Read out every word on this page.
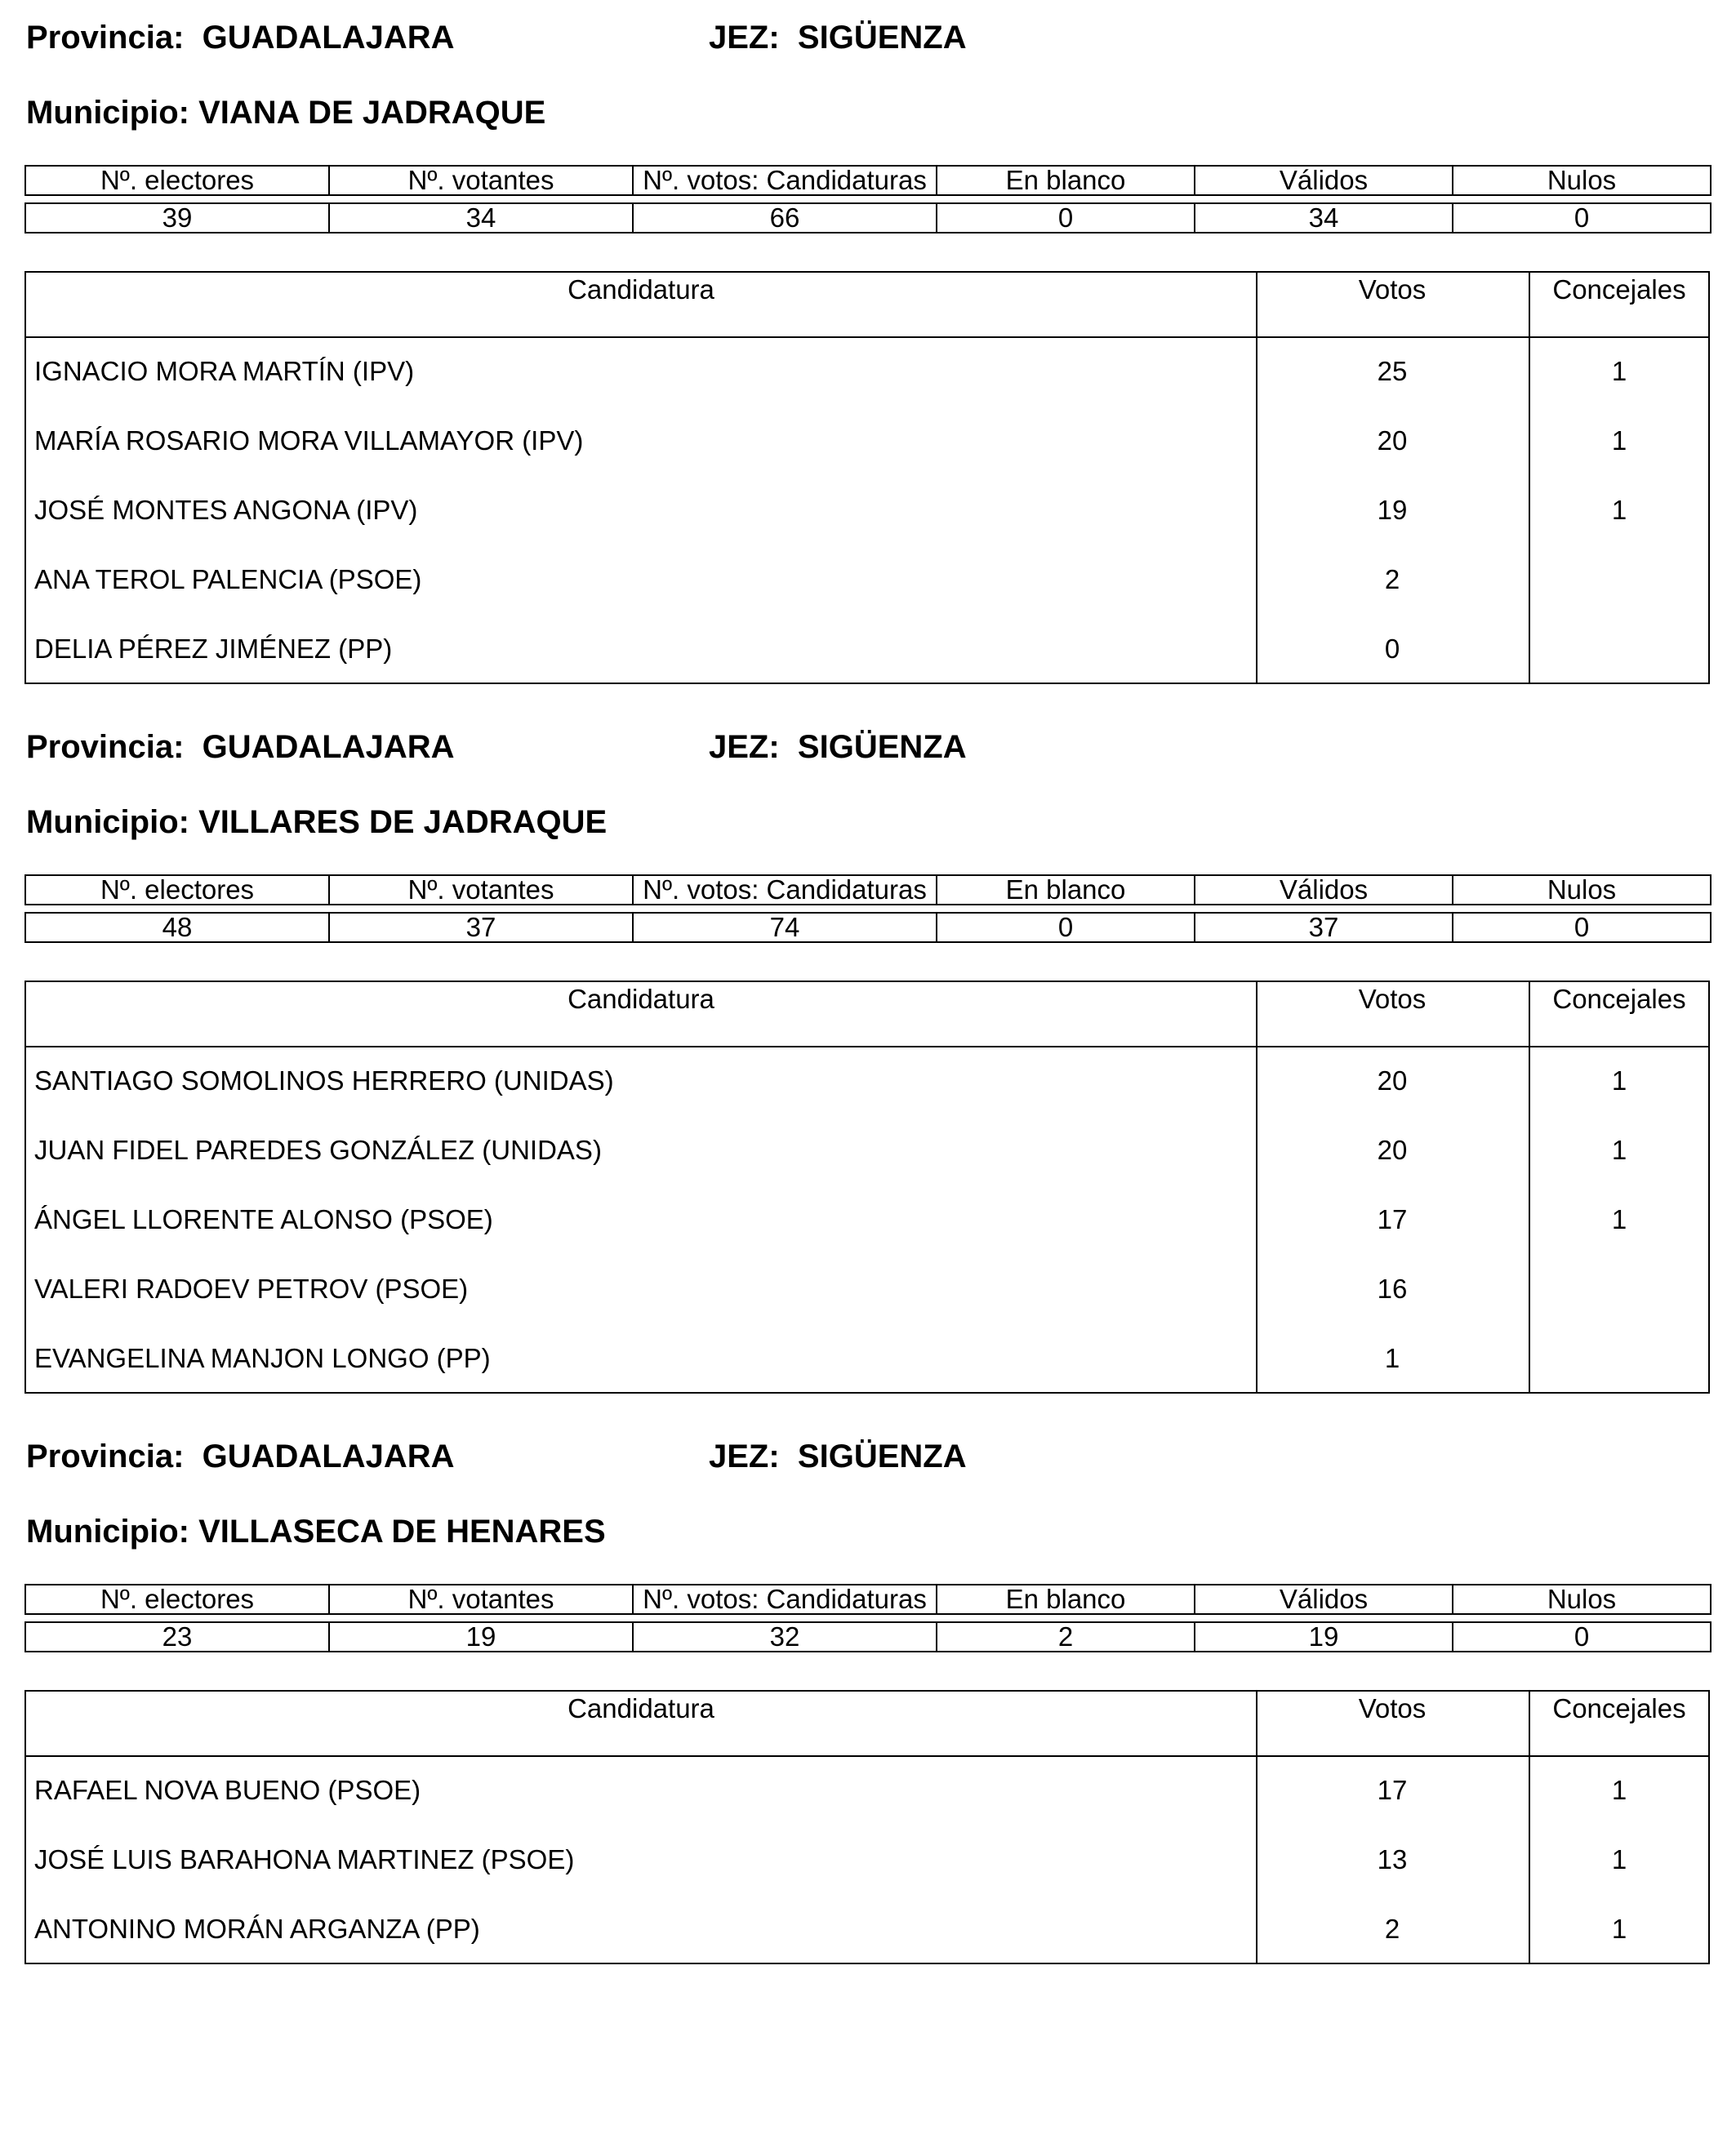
Provincia: GUADALAJARA	JEZ: SIGÜENZA
Municipio: VIANA DE JADRAQUE
Nº. electores	Nº. votantes	Nº. votos: Candidaturas	En blanco	Válidos	Nulos

39	34	66	0	34	0
Candidatura	Votos	Concejales
IGNACIO MORA MARTÍN (IPV)	25	1
MARÍA ROSARIO MORA VILLAMAYOR (IPV)	20	1
JOSÉ MONTES ANGONA (IPV)	19	1
ANA TEROL PALENCIA (PSOE)	2
DELIA PÉREZ JIMÉNEZ (PP)	0
Provincia: GUADALAJARA	JEZ: SIGÜENZA
Municipio: VILLARES DE JADRAQUE
Nº. electores	Nº. votantes	Nº. votos: Candidaturas	En blanco	Válidos	Nulos

48	37	74	0	37	0
Candidatura	Votos	Concejales
SANTIAGO SOMOLINOS HERRERO (UNIDAS)	20	1
JUAN FIDEL PAREDES GONZÁLEZ (UNIDAS)	20	1
ÁNGEL LLORENTE ALONSO (PSOE)	17	1
VALERI RADOEV PETROV (PSOE)	16
EVANGELINA MANJON LONGO (PP)	1
Provincia: GUADALAJARA	JEZ: SIGÜENZA
Municipio: VILLASECA DE HENARES
Nº. electores	Nº. votantes	Nº. votos: Candidaturas	En blanco	Válidos	Nulos

23	19	32	2	19	0
Candidatura	Votos	Concejales
RAFAEL NOVA BUENO (PSOE)	17	1
JOSÉ LUIS BARAHONA MARTINEZ (PSOE)	13	1
ANTONINO MORÁN ARGANZA (PP)	2	1
